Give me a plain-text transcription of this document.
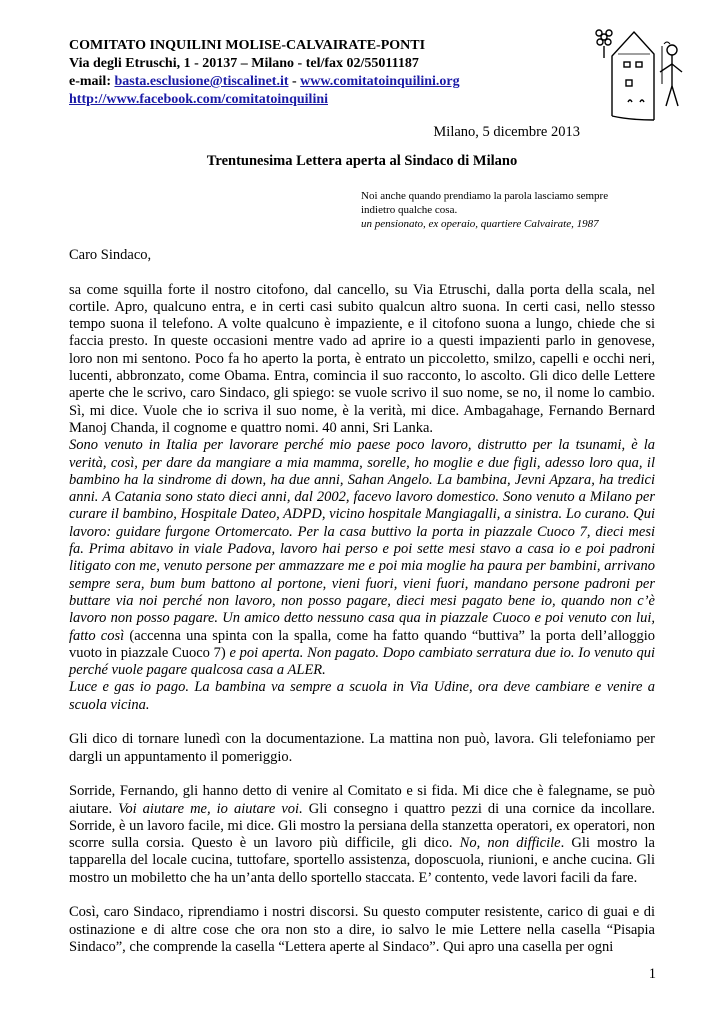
COMITATO INQUILINI MOLISE-CALVAIRATE-PONTI
Via degli Etruschi, 1 - 20137 – Milano - tel/fax 02/55011187
e-mail: basta.esclusione@tiscalinet.it - www.comitatoinquilini.org
http://www.facebook.com/comitatoinquilini
Milano, 5 dicembre 2013
Trentunesima Lettera aperta al Sindaco di Milano
Noi anche quando prendiamo la parola lasciamo sempre
indietro qualche cosa.
un pensionato, ex operaio, quartiere Calvairate, 1987

Caro Sindaco,

sa come squilla forte il nostro citofono, dal cancello, su Via Etruschi, dalla porta della scala, nel cortile. Apro, qualcuno entra, e in certi casi subito qualcun altro suona. In certi casi, nello stesso tempo suona il telefono. A volte qualcuno è impaziente, e il citofono suona a lungo, chiede che si faccia presto. In queste occasioni mentre vado ad aprire io a questi impazienti parlo in genovese, loro non mi sentono. Poco fa ho aperto la porta, è entrato un piccoletto, smilzo, capelli e occhi neri, lucenti, abbronzato, come Obama. Entra, comincia il suo racconto, lo ascolto. Gli dico delle Lettere aperte che le scrivo, caro Sindaco, gli spiego: se vuole scrivo il suo nome, se no, il nome lo cambio. Sì, mi dice. Vuole che io scriva il suo nome, è la verità, mi dice. Ambagahage, Fernando Bernard Manoj Chanda, il cognome e quattro nomi. 40 anni, Sri Lanka.

Sono venuto in Italia per lavorare perché mio paese poco lavoro, distrutto per la tsunami, è la verità, così, per dare da mangiare a mia mamma, sorelle, ho moglie e due figli, adesso loro qua, il bambino ha la sindrome di down, ha due anni, Sahan Angelo. La bambina, Jevni Apzara, ha tredici anni. A Catania sono stato dieci anni, dal 2002, facevo lavoro domestico. Sono venuto a Milano per curare il bambino, Hospitale Dateo, ADPD, vicino hospitale Mangiagalli, a sinistra. Lo curano. Qui lavoro: guidare furgone Ortomercato. Per la casa buttivo la porta in piazzale Cuoco 7, dieci mesi fa. Prima abitavo in viale Padova, lavoro hai perso e poi sette mesi stavo a casa io e poi padroni litigato con me, venuto persone per ammazzare me e poi mia moglie ha paura per bambini, arrivano sempre sera, bum bum battono al portone, vieni fuori, vieni fuori, mandano persone padroni per buttare via noi perché non lavoro, non posso pagare, dieci mesi pagato bene io, quando non c’è lavoro non posso pagare. Un amico detto nessuno casa qua in piazzale Cuoco e poi venuto con lui, fatto così (accenna una spinta con la spalla, come ha fatto quando “buttiva” la porta dell’alloggio vuoto in piazzale Cuoco 7) e poi aperta. Non pagato. Dopo cambiato serratura due io. Io venuto qui perché vuole pagare qualcosa casa a ALER.

Luce e gas io pago. La bambina va sempre a scuola in Via Udine, ora deve cambiare e venire a scuola vicina.

Gli dico di tornare lunedì con la documentazione. La mattina non può, lavora. Gli telefoniamo per dargli un appuntamento il pomeriggio.

Sorride, Fernando, gli hanno detto di venire al Comitato e si fida. Mi dice che è falegname, se può aiutare. Voi aiutare me, io aiutare voi. Gli consegno i quattro pezzi di una cornice da incollare. Sorride, è un lavoro facile, mi dice. Gli mostro la persiana della stanzetta operatori, ex operatori, non scorre sulla corsia. Questo è un lavoro più difficile, gli dico. No, non difficile. Gli mostro la tapparella del locale cucina, tuttofare, sportello assistenza, doposcuola, riunioni, e anche cucina. Gli mostro un mobiletto che ha un’anta dello sportello staccata. E’ contento, vede lavori facili da fare.

Così, caro Sindaco, riprendiamo i nostri discorsi. Su questo computer resistente, carico di guai e di ostinazione e di altre cose che ora non sto a dire, io salvo le mie Lettere nella casella “Pisapia Sindaco”, che comprende la casella “Lettera aperte al Sindaco”. Qui apro una casella per ogni

1
